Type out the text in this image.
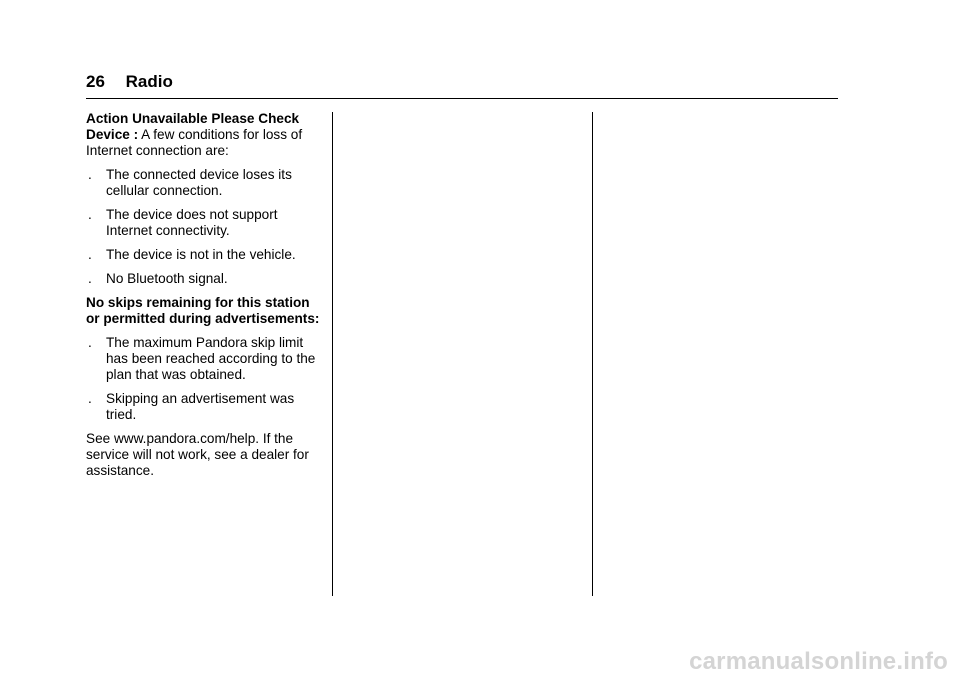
26 Radio

Action Unavailable Please Check
Device : A few conditions for loss of Internet connection are:

. The connected device loses its cellular connection.
. The device does not support Internet connectivity.
. The device is not in the vehicle.
. No Bluetooth signal.

No skips remaining for this station or permitted during advertisements:

. The maximum Pandora skip limit has been reached according to the plan that was obtained.
. Skipping an advertisement was tried.

See www.pandora.com/help. If the service will not work, see a dealer for assistance.

carmanualsonline.info
